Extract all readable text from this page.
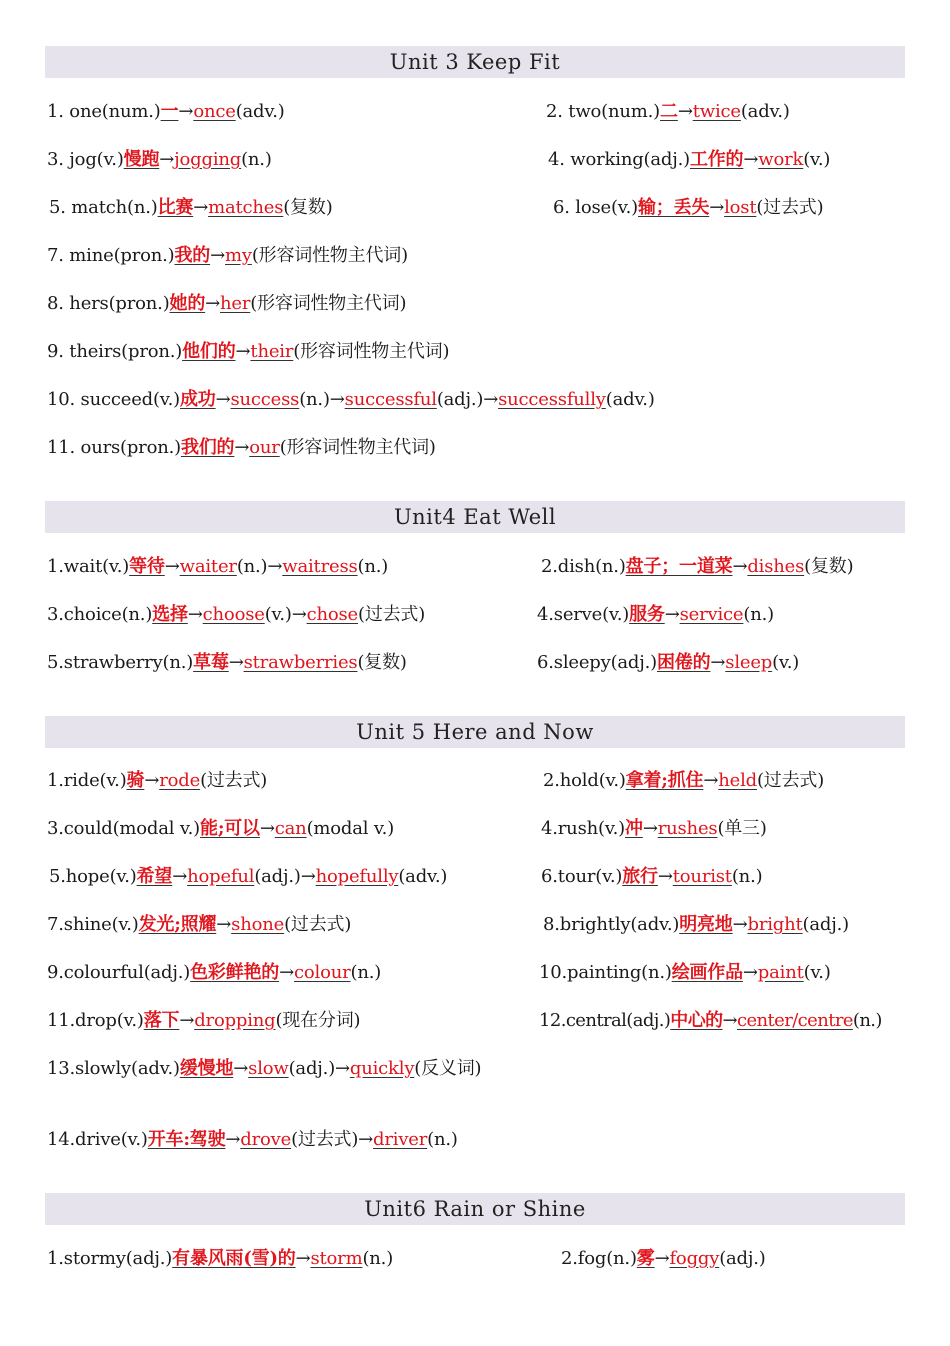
Unit 3 Keep Fit
Unit4 Eat Well
Unit 5 Here and Now
Unit6 Rain or Shine
1. one(num.)一→once(adv.)	2. two(num.)二→twice(adv.)
3. jog(v.)慢跑→jogging(n.)	4. working(adj.)工作的→work(v.)
5. match(n.)比赛→matches(复数)	6. lose(v.)输；丢失→lost(过去式)
7. mine(pron.)我的→my(形容词性物主代词)
8. hers(pron.)她的→her(形容词性物主代词)
9. theirs(pron.)他们的→their(形容词性物主代词)
10. succeed(v.)成功→success(n.)→successful(adj.)→successfully(adv.)
11. ours(pron.)我们的→our(形容词性物主代词)
1.wait(v.)等待→waiter(n.)→waitress(n.)	2.dish(n.)盘子；一道菜→dishes(复数)
3.choice(n.)选择→choose(v.)→chose(过去式)	4.serve(v.)服务→service(n.)
5.strawberry(n.)草莓→strawberries(复数)	6.sleepy(adj.)困倦的→sleep(v.)
1.ride(v.)骑→rode(过去式)	2.hold(v.)拿着;抓住→held(过去式)
3.could(modal v.)能;可以→can(modal v.)	4.rush(v.)冲→rushes(单三)
5.hope(v.)希望→hopeful(adj.)→hopefully(adv.)	6.tour(v.)旅行→tourist(n.)
7.shine(v.)发光;照耀→shone(过去式)	8.brightly(adv.)明亮地→bright(adj.)
9.colourful(adj.)色彩鲜艳的→colour(n.)	10.painting(n.)绘画作品→paint(v.)
11.drop(v.)落下→dropping(现在分词)	12.central(adj.)中心的→center/centre(n.)
13.slowly(adv.)缓慢地→slow(adj.)→quickly(反义词)
14.drive(v.)开车:驾驶→drove(过去式)→driver(n.)
1.stormy(adj.)有暴风雨(雪)的→storm(n.)	2.fog(n.)雾→foggy(adj.)
